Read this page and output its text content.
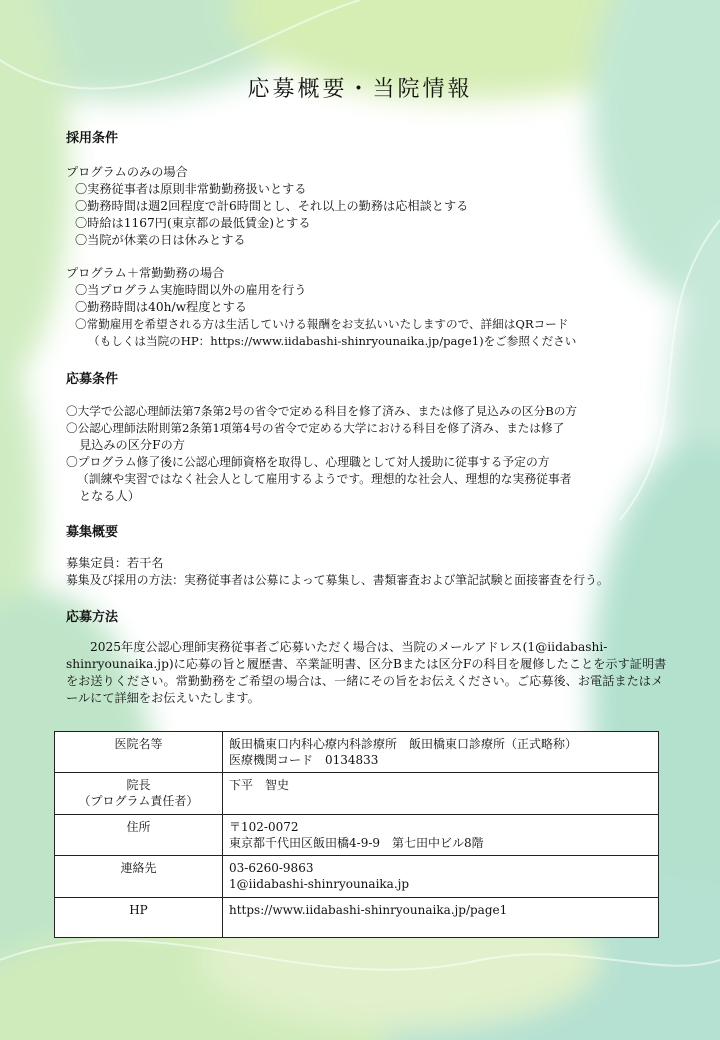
応募概要・当院情報
採用条件
プログラムのみの場合
〇実務従事者は原則非常勤勤務扱いとする
〇勤務時間は週2回程度で計6時間とし、それ以上の勤務は応相談とする
〇時給は1167円(東京都の最低賃金)とする
〇当院が休業の日は休みとする
プログラム＋常勤勤務の場合
〇当プログラム実施時間以外の雇用を行う
〇勤務時間は40h/w程度とする
〇常勤雇用を希望される方は生活していける報酬をお支払いいたしますので、詳細はQRコード
（もしくは当院のHP：https://www.iidabashi-shinryounaika.jp/page1)をご参照ください
応募条件
〇大学で公認心理師法第7条第2号の省令で定める科目を修了済み、または修了見込みの区分Bの方
〇公認心理師法附則第2条第1項第4号の省令で定める大学における科目を修了済み、または修了
見込みの区分Fの方
〇プログラム修了後に公認心理師資格を取得し、心理職として対人援助に従事する予定の方
（訓練や実習ではなく社会人として雇用するようです。理想的な社会人、理想的な実務従事者
となる人）
募集概要
募集定員：若干名
募集及び採用の方法：実務従事者は公募によって募集し、書類審査および筆記試験と面接審査を行う。
応募方法
2025年度公認心理師実務従事者ご応募いただく場合は、当院のメールアドレス(1@iidabashi-shinryounaika.jp)に応募の旨と履歴書、卒業証明書、区分Bまたは区分Fの科目を履修したことを示す証明書をお送りください。常勤勤務をご希望の場合は、一緒にその旨をお伝えください。ご応募後、お電話またはメールにて詳細をお伝えいたします。
医院名等	飯田橋東口内科心療内科診療所　飯田橋東口診療所（正式略称）
医療機関コード　0134833

院長
（プログラム責任者）	下平　智史

住所	〒102-0072
東京都千代田区飯田橋4-9-9　第七田中ビル8階

連絡先	03-6260-9863
1@iidabashi-shinryounaika.jp

HP	https://www.iidabashi-shinryounaika.jp/page1
